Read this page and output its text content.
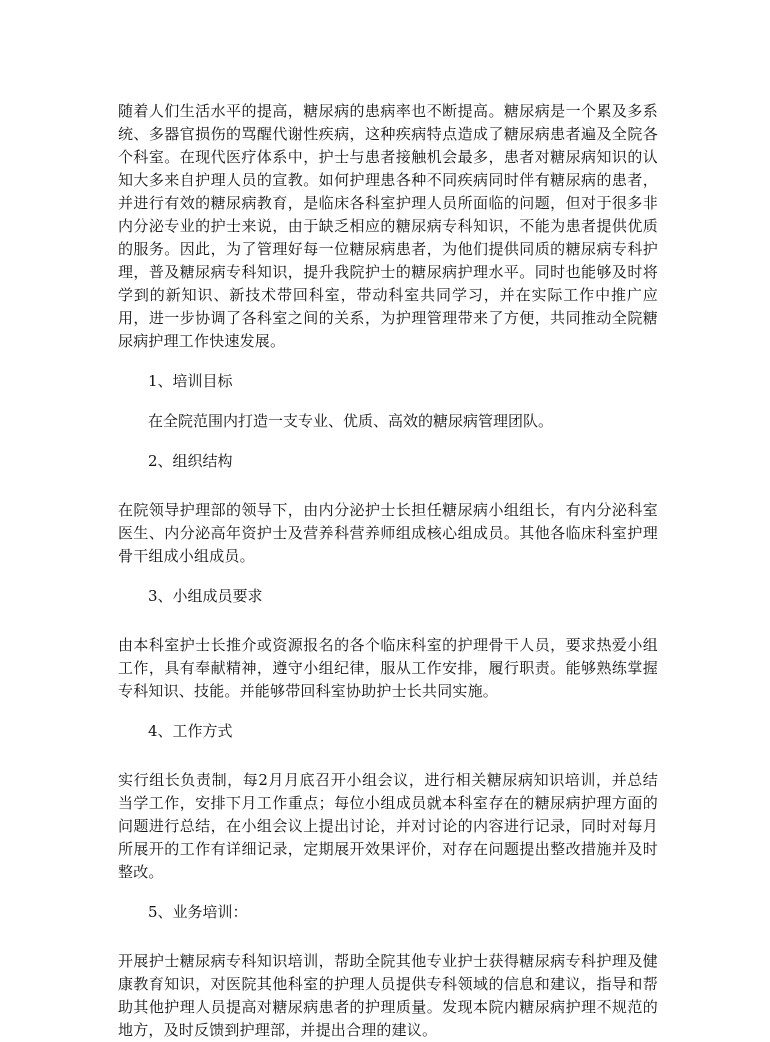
随着人们生活水平的提高，糖尿病的患病率也不断提高。糖尿病是一个累及多系统、多器官损伤的骂醒代谢性疾病，这种疾病特点造成了糖尿病患者遍及全院各个科室。在现代医疗体系中，护士与患者接触机会最多，患者对糖尿病知识的认知大多来自护理人员的宣教。如何护理患各种不同疾病同时伴有糖尿病的患者，并进行有效的糖尿病教育，是临床各科室护理人员所面临的问题，但对于很多非内分泌专业的护士来说，由于缺乏相应的糖尿病专科知识，不能为患者提供优质的服务。因此，为了管理好每一位糖尿病患者，为他们提供同质的糖尿病专科护理，普及糖尿病专科知识，提升我院护士的糖尿病护理水平。同时也能够及时将学到的新知识、新技术带回科室，带动科室共同学习，并在实际工作中推广应用，进一步协调了各科室之间的关系，为护理管理带来了方便，共同推动全院糖尿病护理工作快速发展。

1、培训目标

在全院范围内打造一支专业、优质、高效的糖尿病管理团队。

2、组织结构

在院领导护理部的领导下，由内分泌护士长担任糖尿病小组组长，有内分泌科室医生、内分泌高年资护士及营养科营养师组成核心组成员。其他各临床科室护理骨干组成小组成员。

3、小组成员要求

由本科室护士长推介或资源报名的各个临床科室的护理骨干人员，要求热爱小组工作，具有奉献精神，遵守小组纪律，服从工作安排，履行职责。能够熟练掌握专科知识、技能。并能够带回科室协助护士长共同实施。

4、工作方式

实行组长负责制，每2月月底召开小组会议，进行相关糖尿病知识培训，并总结当学工作，安排下月工作重点；每位小组成员就本科室存在的糖尿病护理方面的问题进行总结，在小组会议上提出讨论，并对讨论的内容进行记录，同时对每月所展开的工作有详细记录，定期展开效果评价，对存在问题提出整改措施并及时整改。

5、业务培训：

开展护士糖尿病专科知识培训，帮助全院其他专业护士获得糖尿病专科护理及健康教育知识，对医院其他科室的护理人员提供专科领域的信息和建议，指导和帮助其他护理人员提高对糖尿病患者的护理质量。发现本院内糖尿病护理不规范的地方，及时反馈到护理部，并提出合理的建议。
